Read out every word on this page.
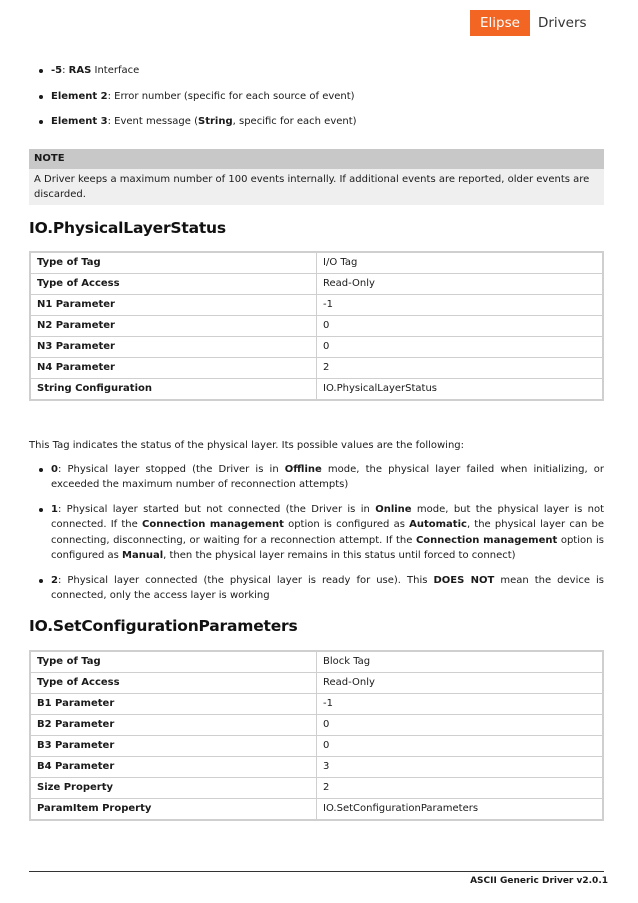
Elipse	Drivers
-5: RAS Interface
Element 2: Error number (specific for each source of event)
Element 3: Event message (String, specific for each event)
NOTE
A Driver keeps a maximum number of 100 events internally. If additional events are reported, older events are discarded.
IO.PhysicalLayerStatus
Type of Tag	I/O Tag
Type of Access	Read-Only
N1 Parameter	-1
N2 Parameter	0
N3 Parameter	0
N4 Parameter	2
String Configuration	IO.PhysicalLayerStatus

This Tag indicates the status of the physical layer. Its possible values are the following:

0: Physical layer stopped (the Driver is in Offline mode, the physical layer failed when initializing, or exceeded the maximum number of reconnection attempts)
1: Physical layer started but not connected (the Driver is in Online mode, but the physical layer is not connected. If the Connection management option is configured as Automatic, the physical layer can be connecting, disconnecting, or waiting for a reconnection attempt. If the Connection management option is configured as Manual, then the physical layer remains in this status until forced to connect)
2: Physical layer connected (the physical layer is ready for use). This DOES NOT mean the device is connected, only the access layer is working
IO.SetConfigurationParameters
Type of Tag	Block Tag
Type of Access	Read-Only
B1 Parameter	-1
B2 Parameter	0
B3 Parameter	0
B4 Parameter	3
Size Property	2
ParamItem Property	IO.SetConfigurationParameters
ASCII Generic Driver v2.0.1
